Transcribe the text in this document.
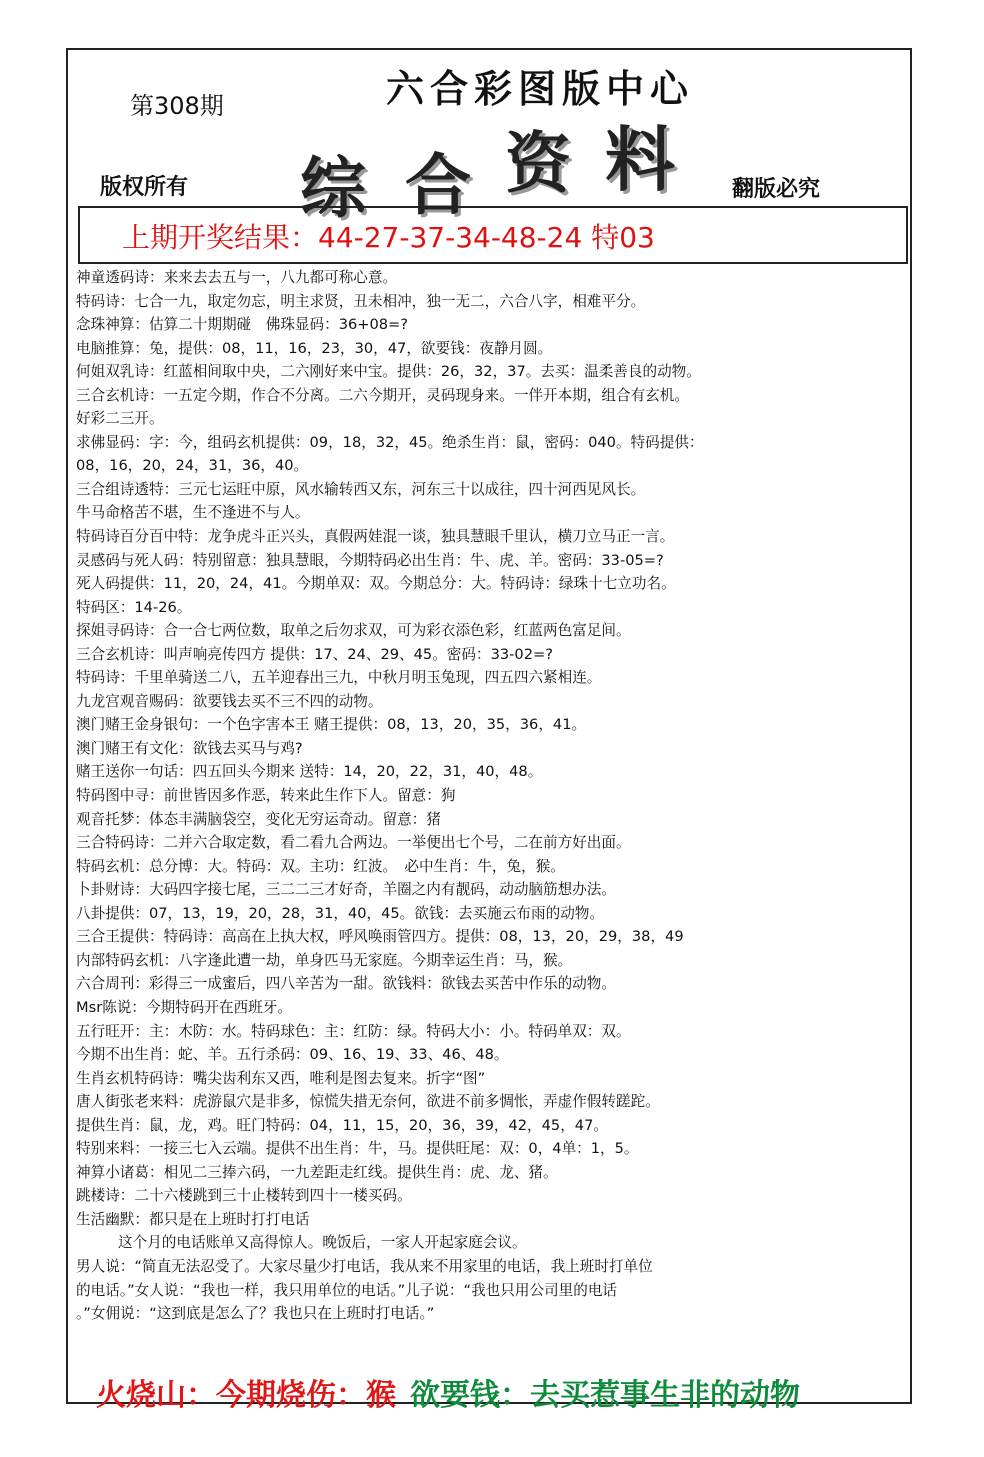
第308期	六合彩图版中心
综 合 资 料
版权所有	翻版必究
上期开奖结果：44-27-37-34-48-24 特03
神童透码诗：来来去去五与一，八九都可称心意。
特码诗：七合一九，取定勿忘，明主求贤，丑未相冲，独一无二，六合八字，相难平分。
念珠神算：估算二十期期碰　佛珠显码：36+08=?
电脑推算：兔，提供：08，11，16，23，30，47，欲要钱：夜静月圆。
何姐双乳诗：红蓝相间取中央，二六刚好来中宝。提供：26，32，37。去买：温柔善良的动物。
三合玄机诗：一五定今期，作合不分离。二六今期开，灵码现身来。一伴开本期，组合有玄机。
好彩二三开。
求佛显码：字：今，组码玄机提供：09，18，32，45。绝杀生肖：鼠，密码：040。特码提供：
08，16，20，24，31，36，40。
三合组诗透特：三元七运旺中原，风水输转西又东，河东三十以成往，四十河西见风长。
牛马命格苦不堪，生不逢进不与人。
特码诗百分百中特：龙争虎斗正兴头，真假两娃混一谈，独具慧眼千里认，横刀立马正一言。
灵感码与死人码：特别留意：独具慧眼，今期特码必出生肖：牛、虎、羊。密码：33-05=?
死人码提供：11，20，24，41。今期单双：双。今期总分：大。特码诗：绿珠十七立功名。
特码区：14-26。
探姐寻码诗：合一合七两位数，取单之后勿求双，可为彩衣添色彩，红蓝两色富足间。
三合玄机诗：叫声响亮传四方 提供：17、24、29、45。密码：33-02=?
特码诗：千里单骑送二八，五羊迎春出三九，中秋月明玉兔现，四五四六紧相连。
九龙宫观音赐码：欲要钱去买不三不四的动物。
澳门赌王金身银句：一个色字害本王 赌王提供：08，13，20，35，36，41。
澳门赌王有文化：欲钱去买马与鸡?
赌王送你一句话：四五回头今期来 送特：14，20，22，31，40，48。
特码图中寻：前世皆因多作恶，转来此生作下人。留意：狗
观音托梦：体态丰满脑袋空，变化无穷运奇动。留意：猪
三合特码诗：二并六合取定数，看二看九合两边。一举便出七个号，二在前方好出面。
特码玄机：总分博：大。特码：双。主功：红波。　必中生肖：牛，兔，猴。
卜卦财诗：大码四字接七尾，三二二三才好奇，羊圈之内有靓码，动动脑筋想办法。
八卦提供：07，13，19，20，28，31，40，45。欲钱：去买施云布雨的动物。
三合王提供：特码诗：高高在上执大权，呼风唤雨管四方。提供：08，13，20，29，38，49
内部特码玄机：八字逢此遭一劫，单身匹马无家庭。今期幸运生肖：马，猴。
六合周刊：彩得三一成蜜后，四八辛苦为一甜。欲钱料：欲钱去买苦中作乐的动物。
Msr陈说：今期特码开在西班牙。
五行旺开：主：木防：水。特码球色：主：红防：绿。特码大小：小。特码单双：双。
今期不出生肖：蛇、羊。五行杀码：09、16、19、33、46、48。
生肖玄机特码诗：嘴尖齿利东又西，唯利是图去复来。折字“图”
唐人街张老来料：虎游鼠穴是非多，惊慌失措无奈何，欲进不前多惆怅，弄虚作假转蹉跎。
提供生肖：鼠，龙，鸡。旺门特码：04，11，15，20，36，39，42，45，47。
特别来料：一接三七入云端。提供不出生肖：牛，马。提供旺尾：双：0，4单：1，5。
神算小诸葛：相见二三捧六码，一九差距走红线。提供生肖：虎、龙、猪。
跳楼诗：二十六楼跳到三十止楼转到四十一楼买码。
生活幽默：都只是在上班时打打电话
这个月的电话账单又高得惊人。晚饭后，一家人开起家庭会议。
男人说：“简直无法忍受了。大家尽量少打电话，我从来不用家里的电话，我上班时打单位
的电话。”女人说：“我也一样，我只用单位的电话。”儿子说：“我也只用公司里的电话
。”女佣说：“这到底是怎么了？我也只在上班时打电话。”
火烧山：今期烧伤：猴 欲要钱：去买惹事生非的动物
